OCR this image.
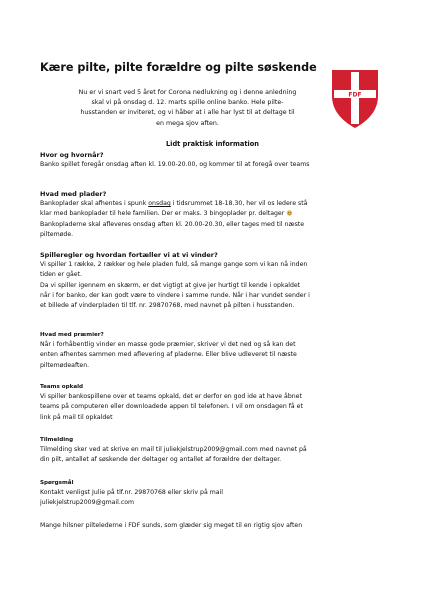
Kære pilte, pilte forældre og pilte søskende
FDF
Nu er vi snart ved 5 året for Corona nedlukning og i denne anledning
skal vi på onsdag d. 12. marts spille online banko. Hele pilte-
husstanden er inviteret, og vi håber at i alle har lyst til at deltage til
en mega sjov aften.
Lidt praktisk information

Hvor og hvornår?

Banko spillet foregår onsdag aften kl. 19.00-20.00, og kommer til at foregå over teams

Hvad med plader?

Bankoplader skal afhentes i spunk onsdag i tidsrummet 18-18.30, her vil os ledere stå

klar med bankoplader til hele familien. Der er maks. 3 bingoplader pr. deltager

Bankopladerne skal afleveres onsdag aften kl. 20.00-20.30, eller tages med til næste

piltemøde.

Spilleregler og hvordan fortæller vi at vi vinder?

Vi spiller 1 række, 2 rækker og hele pladen fuld, så mange gange som vi kan nå inden

tiden er gået.

Da vi spiller igennem en skærm, er det vigtigt at give jer hurtigt til kende i opkaldet

når i for banko, der kan godt være to vindere i samme runde. Når i har vundet sender i

et billede af vinderpladen til tlf. nr. 29870768, med navnet på pilten i husstanden.

Hvad med præmier?

Når i forhåbentlig vinder en masse gode præmier, skriver vi det ned og så kan det

enten afhentes sammen med aflevering af pladerne. Eller blive udleveret til næste

piltemødeaften.

Teams opkald

Vi spiller bankospillene over et teams opkald, det er derfor en god ide at have åbnet

teams på computeren eller downloadede appen til telefonen. I vil om onsdagen få et

link på mail til opkaldet

Tilmelding

Tilmelding sker ved at skrive en mail til juliekjelstrup2009@gmail.com med navnet på

din pilt, antallet af søskende der deltager og antallet af forældre der deltager.

Spørgsmål

Kontakt venligst Julie på tlf.nr. 29870768 eller skriv på mail

juliekjelstrup2009@gmail.com

Mange hilsner piltelederne i FDF sunds, som glæder sig meget til en rigtig sjov aften
